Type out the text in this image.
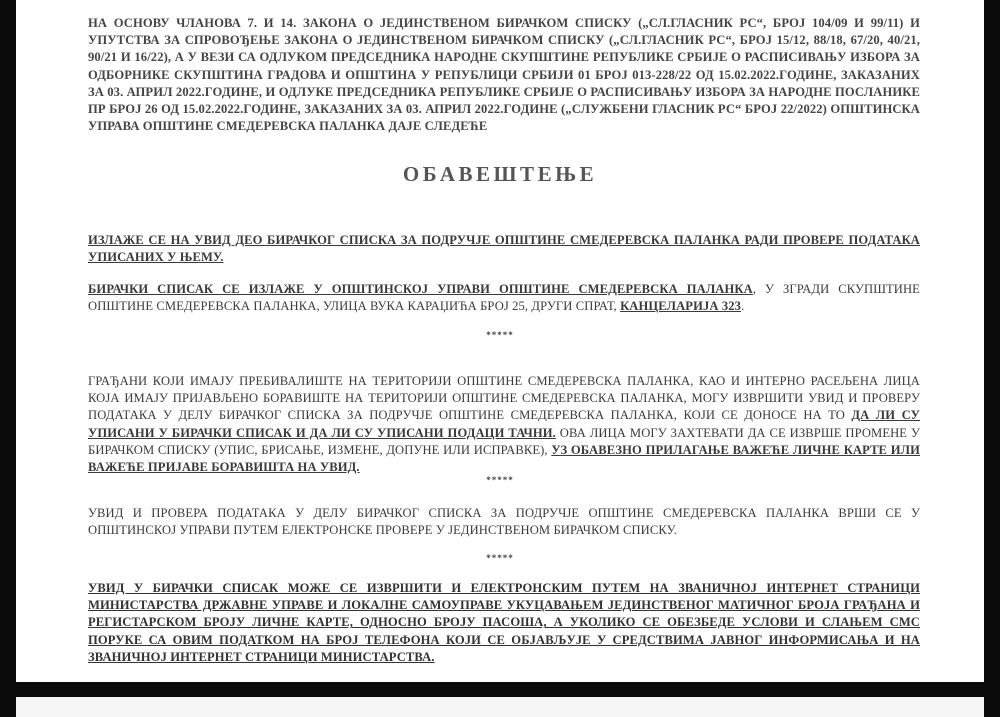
НА ОСНОВУ ЧЛАНОВА 7. И 14. ЗАКОНА О ЈЕДИНСТВЕНОМ БИРАЧКОМ СПИСКУ („СЛ.ГЛАСНИК РС“, БРОЈ 104/09 И 99/11) И УПУТСТВА ЗА СПРОВОЂЕЊЕ ЗАКОНА О ЈЕДИНСТВЕНОМ БИРАЧКОМ СПИСКУ („СЛ.ГЛАСНИК РС“, БРОЈ 15/12, 88/18, 67/20, 40/21, 90/21 И 16/22), А У ВЕЗИ СА ОДЛУКОМ ПРЕДСЕДНИКА НАРОДНЕ СКУПШТИНЕ РЕПУБЛИКЕ СРБИЈЕ О РАСПИСИВАЊУ ИЗБОРА ЗА ОДБОРНИКЕ СКУПШТИНА ГРАДОВА И ОПШТИНА У РЕПУБЛИЦИ СРБИЈИ 01 БРОЈ 013-228/22 ОД 15.02.2022.ГОДИНЕ, ЗАКАЗАНИХ ЗА 03. АПРИЛ 2022.ГОДИНЕ, И ОДЛУКЕ ПРЕДСЕДНИКА РЕПУБЛИКЕ СРБИЈЕ О РАСПИСИВАЊУ ИЗБОРА ЗА НАРОДНЕ ПОСЛАНИКЕ ПР БРОЈ 26 ОД 15.02.2022.ГОДИНЕ, ЗАКАЗАНИХ ЗА 03. АПРИЛ 2022.ГОДИНЕ („СЛУЖБЕНИ ГЛАСНИК РС“ БРОЈ 22/2022) ОПШТИНСКА УПРАВА ОПШТИНЕ СМЕДЕРЕВСКА ПАЛАНКА ДАЈЕ СЛЕДЕЋЕ
ОБАВЕШТЕЊЕ
ИЗЛАЖЕ СЕ НА УВИД ДЕО БИРАЧКОГ СПИСКА ЗА ПОДРУЧЈЕ ОПШТИНЕ СМЕДЕРЕВСКА ПАЛАНКА РАДИ ПРОВЕРЕ ПОДАТАКА УПИСАНИХ У ЊЕМУ.
БИРАЧКИ СПИСАК СЕ ИЗЛАЖЕ У ОПШТИНСКОЈ УПРАВИ ОПШТИНЕ СМЕДЕРЕВСКА ПАЛАНКА, У ЗГРАДИ СКУПШТИНЕ ОПШТИНЕ СМЕДЕРЕВСКА ПАЛАНКА, УЛИЦА ВУКА КАРАЏИЋА БРОЈ 25, ДРУГИ СПРАТ, КАНЦЕЛАРИЈА 323.
*****
ГРАЂАНИ КОЈИ ИМАЈУ ПРЕБИВАЛИШТЕ НА ТЕРИТОРИЈИ ОПШТИНЕ СМЕДЕРЕВСКА ПАЛАНКА, КАО И ИНТЕРНО РАСЕЉЕНА ЛИЦА КОЈА ИМАЈУ ПРИЈАВЉЕНО БОРАВИШТЕ НА ТЕРИТОРИЈИ ОПШТИНЕ СМЕДЕРЕВСКА ПАЛАНКА, МОГУ ИЗВРШИТИ УВИД И ПРОВЕРУ ПОДАТАКА У ДЕЛУ БИРАЧКОГ СПИСКА ЗА ПОДРУЧЈЕ ОПШТИНЕ СМЕДЕРЕВСКА ПАЛАНКА, КОЈИ СЕ ДОНОСЕ НА ТО ДА ЛИ СУ УПИСАНИ У БИРАЧКИ СПИСАК И ДА ЛИ СУ УПИСАНИ ПОДАЦИ ТАЧНИ. ОВА ЛИЦА МОГУ ЗАХТЕВАТИ ДА СЕ ИЗВРШЕ ПРОМЕНЕ У БИРАЧКОМ СПИСКУ (УПИС, БРИСАЊЕ, ИЗМЕНЕ, ДОПУНЕ ИЛИ ИСПРАВКЕ), УЗ ОБАВЕЗНО ПРИЛАГАЊЕ ВАЖЕЋЕ ЛИЧНЕ КАРТЕ ИЛИ ВАЖЕЋЕ ПРИЈАВЕ БОРАВИШТА НА УВИД.
*****
УВИД И ПРОВЕРА ПОДАТАКА У ДЕЛУ БИРАЧКОГ СПИСКА ЗА ПОДРУЧЈЕ ОПШТИНЕ СМЕДЕРЕВСКА ПАЛАНКА ВРШИ СЕ У ОПШТИНСКОЈ УПРАВИ ПУТЕМ ЕЛЕКТРОНСКЕ ПРОВЕРЕ У ЈЕДИНСТВЕНОМ БИРАЧКОМ СПИСКУ.
*****
УВИД У БИРАЧКИ СПИСАК МОЖЕ СЕ ИЗВРШИТИ И ЕЛЕКТРОНСКИМ ПУТЕМ НА ЗВАНИЧНОЈ ИНТЕРНЕТ СТРАНИЦИ МИНИСТАРСТВА ДРЖАВНЕ УПРАВЕ И ЛОКАЛНЕ САМОУПРАВЕ УКУЦАВАЊЕМ ЈЕДИНСТВЕНОГ МАТИЧНОГ БРОЈА ГРАЂАНА И РЕГИСТАРСКОМ БРОЈУ ЛИЧНЕ КАРТЕ, ОДНОСНО БРОЈУ ПАСОША, А УКОЛИКО СЕ ОБЕЗБЕДЕ УСЛОВИ И СЛАЊЕМ СМС ПОРУКЕ СА ОВИМ ПОДАТКОМ НА БРОЈ ТЕЛЕФОНА КОЈИ СЕ ОБЈАВЉУЈЕ У СРЕДСТВИМА ЈАВНОГ ИНФОРМИСАЊА И НА ЗВАНИЧНОЈ ИНТЕРНЕТ СТРАНИЦИ МИНИСТАРСТВА.
